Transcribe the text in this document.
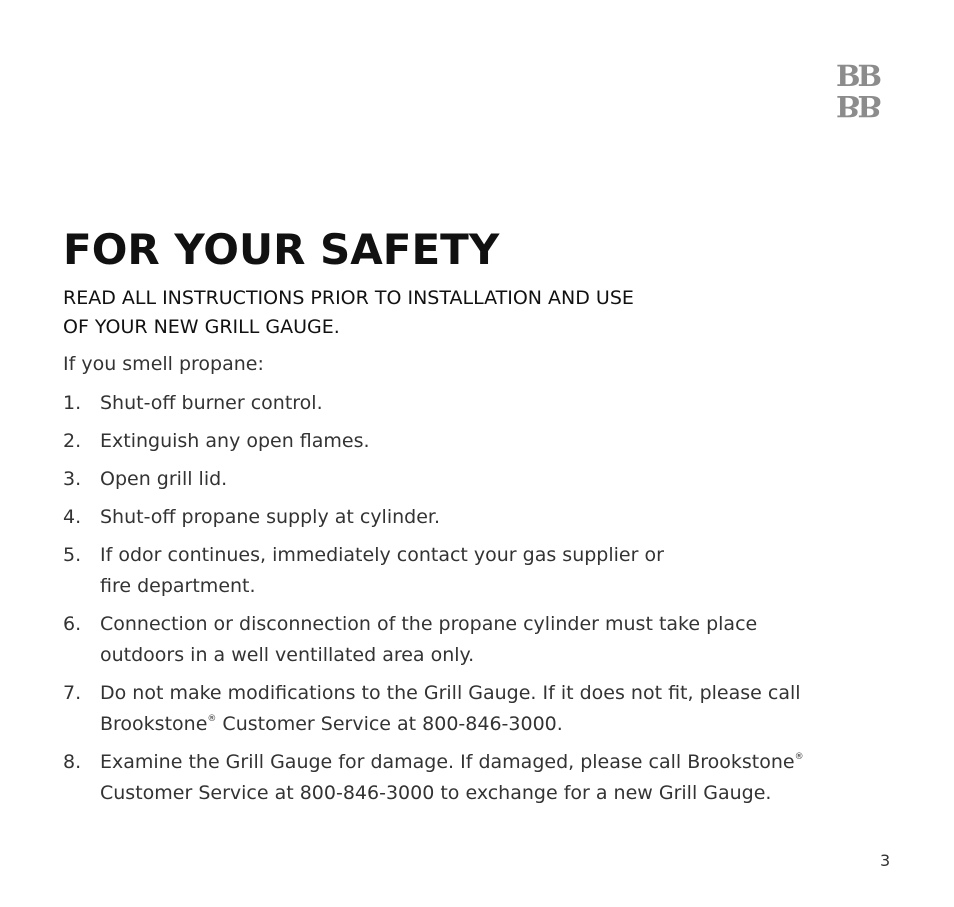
BB
BB
FOR YOUR SAFETY
READ ALL INSTRUCTIONS PRIOR TO INSTALLATION AND USE
OF YOUR NEW GRILL GAUGE.

If you smell propane:

1. Shut-off burner control.
2. Extinguish any open flames.
3. Open grill lid.
4. Shut-off propane supply at cylinder.
5. If odor continues, immediately contact your gas supplier or
fire department.
6. Connection or disconnection of the propane cylinder must take place
outdoors in a well ventillated area only.
7. Do not make modifications to the Grill Gauge. If it does not fit, please call
Brookstone® Customer Service at 800-846-3000.
8. Examine the Grill Gauge for damage. If damaged, please call Brookstone®
Customer Service at 800-846-3000 to exchange for a new Grill Gauge.
3
